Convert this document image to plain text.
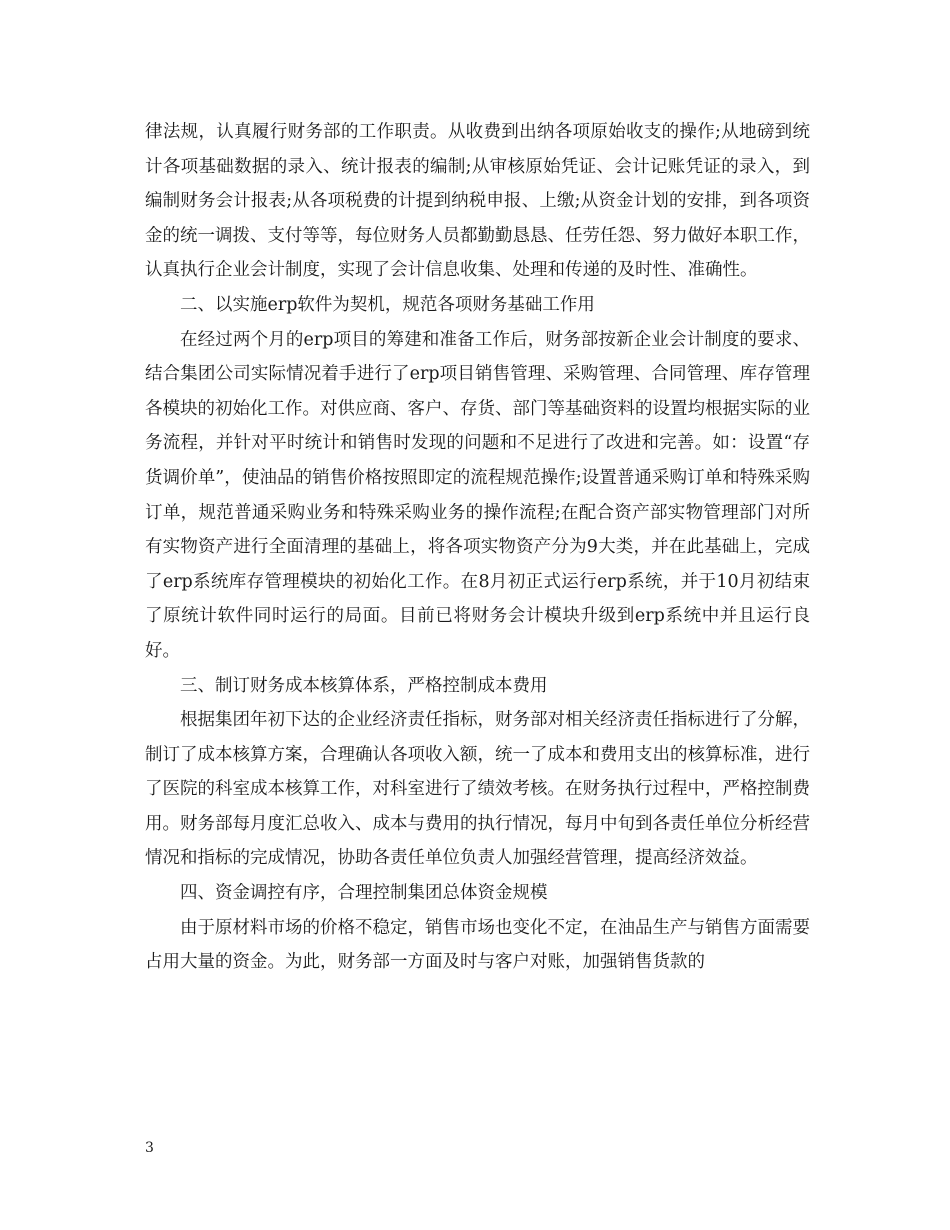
律法规，认真履行财务部的工作职责。从收费到出纳各项原始收支的操作;从地磅到统计各项基础数据的录入、统计报表的编制;从审核原始凭证、会计记账凭证的录入，到编制财务会计报表;从各项税费的计提到纳税申报、上缴;从资金计划的安排，到各项资金的统一调拨、支付等等，每位财务人员都勤勤恳恳、任劳任怨、努力做好本职工作，认真执行企业会计制度，实现了会计信息收集、处理和传递的及时性、准确性。

二、以实施erp软件为契机，规范各项财务基础工作用

在经过两个月的erp项目的筹建和准备工作后，财务部按新企业会计制度的要求、结合集团公司实际情况着手进行了erp项目销售管理、采购管理、合同管理、库存管理各模块的初始化工作。对供应商、客户、存货、部门等基础资料的设置均根据实际的业务流程，并针对平时统计和销售时发现的问题和不足进行了改进和完善。如：设置“存货调价单”，使油品的销售价格按照即定的流程规范操作;设置普通采购订单和特殊采购订单，规范普通采购业务和特殊采购业务的操作流程;在配合资产部实物管理部门对所有实物资产进行全面清理的基础上，将各项实物资产分为9大类，并在此基础上，完成了erp系统库存管理模块的初始化工作。在8月初正式运行erp系统，并于10月初结束了原统计软件同时运行的局面。目前已将财务会计模块升级到erp系统中并且运行良好。

三、制订财务成本核算体系，严格控制成本费用

根据集团年初下达的企业经济责任指标，财务部对相关经济责任指标进行了分解，制订了成本核算方案，合理确认各项收入额，统一了成本和费用支出的核算标准，进行了医院的科室成本核算工作，对科室进行了绩效考核。在财务执行过程中，严格控制费用。财务部每月度汇总收入、成本与费用的执行情况，每月中旬到各责任单位分析经营情况和指标的完成情况，协助各责任单位负责人加强经营管理，提高经济效益。

四、资金调控有序，合理控制集团总体资金规模

由于原材料市场的价格不稳定，销售市场也变化不定，在油品生产与销售方面需要占用大量的资金。为此，财务部一方面及时与客户对账，加强销售货款的

3
